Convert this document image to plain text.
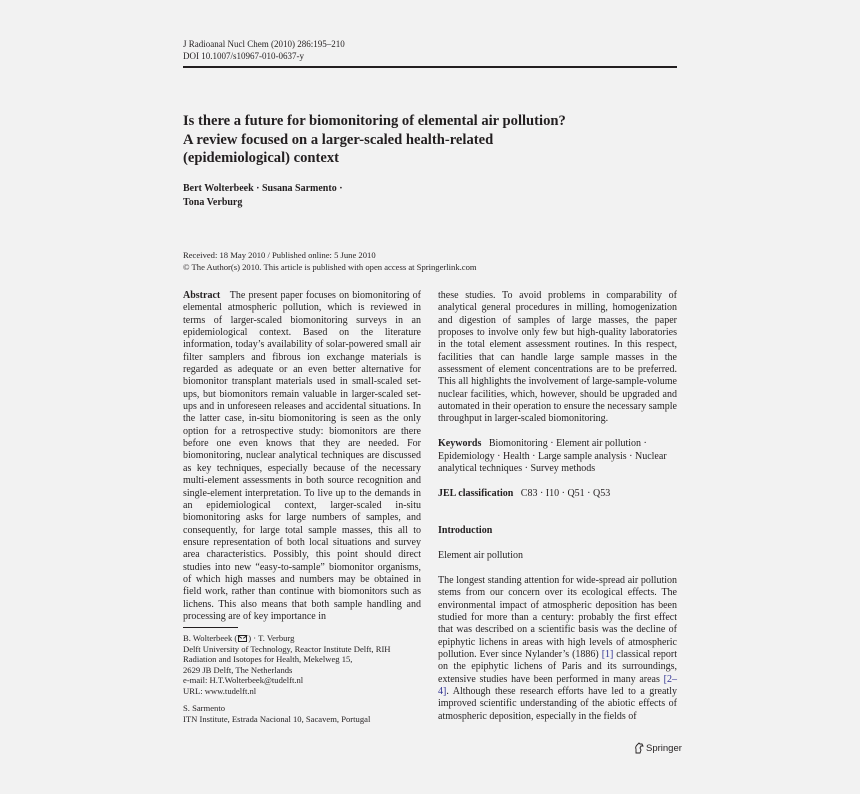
J Radioanal Nucl Chem (2010) 286:195–210
DOI 10.1007/s10967-010-0637-y
Is there a future for biomonitoring of elemental air pollution?
A review focused on a larger-scaled health-related
(epidemiological) context
Bert Wolterbeek · Susana Sarmento ·
Tona Verburg
Received: 18 May 2010 / Published online: 5 June 2010
© The Author(s) 2010. This article is published with open access at Springerlink.com

Abstract The present paper focuses on biomonitoring of elemental atmospheric pollution, which is reviewed in terms of larger-scaled biomonitoring surveys in an epidemiological context. Based on the literature information, today’s availability of solar-powered small air filter samplers and fibrous ion exchange materials is regarded as adequate or an even better alternative for biomonitor transplant materials used in small-scaled set-ups, but biomonitors remain valuable in larger-scaled set-ups and in unforeseen releases and accidental situations. In the latter case, in-situ biomonitoring is seen as the only option for a retrospective study: biomonitors are there before one even knows that they are needed. For biomonitoring, nuclear analytical techniques are discussed as key techniques, especially because of the necessary multi-element assessments in both source recognition and single-element interpretation. To live up to the demands in an epidemiological context, larger-scaled in-situ biomonitoring asks for large numbers of samples, and consequently, for large total sample masses, this all to ensure representation of both local situations and survey area characteristics. Possibly, this point should direct studies into new “easy-to-sample” biomonitor organisms, of which high masses and numbers may be obtained in field work, rather than continue with biomonitors such as lichens. This also means that both sample handling and processing are of key importance in

these studies. To avoid problems in comparability of analytical general procedures in milling, homogenization and digestion of samples of large masses, the paper proposes to involve only few but high-quality laboratories in the total element assessment routines. In this respect, facilities that can handle large sample masses in the assessment of element concentrations are to be preferred. This all highlights the involvement of large-sample-volume nuclear facilities, which, however, should be upgraded and automated in their operation to ensure the necessary sample throughput in larger-scaled biomonitoring.

Keywords Biomonitoring · Element air pollution · Epidemiology · Health · Large sample analysis · Nuclear analytical techniques · Survey methods
JEL classification C83 · I10 · Q51 · Q53
Introduction
Element air pollution

The longest standing attention for wide-spread air pollution stems from our concern over its ecological effects. The environmental impact of atmospheric deposition has been studied for more than a century: probably the first effect that was described on a scientific basis was the decline of epiphytic lichens in areas with high levels of atmospheric pollution. Ever since Nylander’s (1886) [1] classical report on the epiphytic lichens of Paris and its surroundings, extensive studies have been performed in many areas [2–4]. Although these research efforts have led to a greatly improved scientific understanding of the abiotic effects of atmospheric deposition, especially in the fields of

B. Wolterbeek ( ) · T. Verburg
Delft University of Technology, Reactor Institute Delft, RIH
Radiation and Isotopes for Health, Mekelweg 15,
2629 JB Delft, The Netherlands
e-mail: H.T.Wolterbeek@tudelft.nl
URL: www.tudelft.nl
S. Sarmento
ITN Institute, Estrada Nacional 10, Sacavem, Portugal
Springer
